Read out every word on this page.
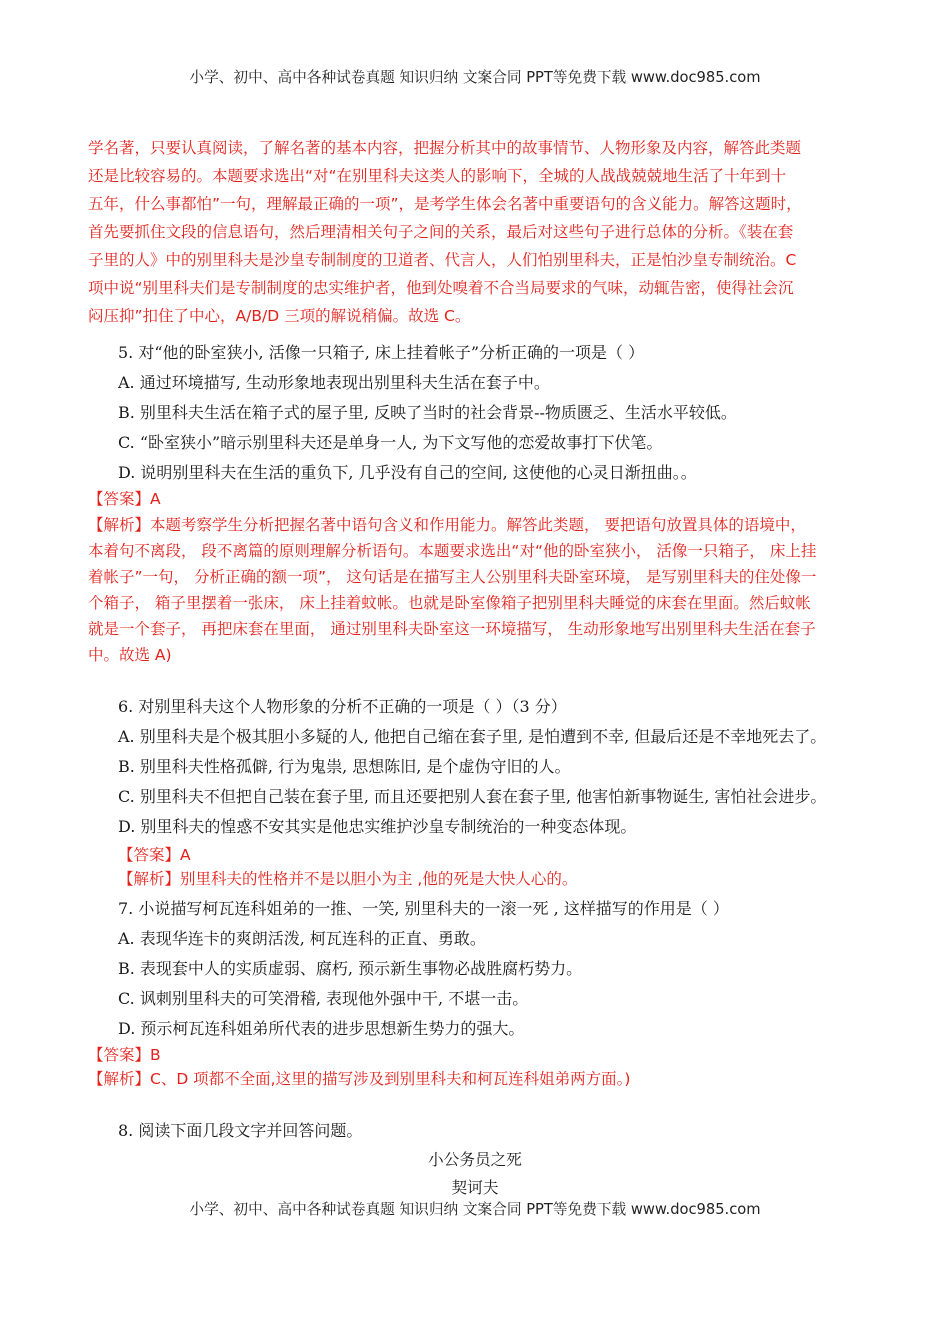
小学、初中、高中各种试卷真题 知识归纳 文案合同 PPT等免费下载 www.doc985.com
学名著，只要认真阅读，了解名著的基本内容，把握分析其中的故事情节、人物形象及内容，解答此类题
还是比较容易的。本题要求选出“对“在别里科夫这类人的影响下，全城的人战战兢兢地生活了十年到十
五年，什么事都怕”一句，理解最正确的一项”，是考学生体会名著中重要语句的含义能力。解答这题时，
首先要抓住文段的信息语句，然后理清相关句子之间的关系，最后对这些句子进行总体的分析。《装在套
子里的人》中的别里科夫是沙皇专制制度的卫道者、代言人，人们怕别里科夫，正是怕沙皇专制统治。C
项中说“别里科夫们是专制制度的忠实维护者，他到处嗅着不合当局要求的气味，动辄告密，使得社会沉
闷压抑”扣住了中心，A/B/D 三项的解说稍偏。故选 C。
5. 对“他的卧室狭小, 活像一只箱子, 床上挂着帐子”分析正确的一项是（ ）
A. 通过环境描写, 生动形象地表现出别里科夫生活在套子中。
B. 别里科夫生活在箱子式的屋子里, 反映了当时的社会背景--物质匮乏、生活水平较低。
C. “卧室狭小”暗示别里科夫还是单身一人, 为下文写他的恋爱故事打下伏笔。
D. 说明别里科夫在生活的重负下, 几乎没有自己的空间, 这使他的心灵日渐扭曲。。
【答案】A
【解析】本题考察学生分析把握名著中语句含义和作用能力。解答此类题， 要把语句放置具体的语境中，
本着句不离段， 段不离篇的原则理解分析语句。本题要求选出“对“他的卧室狭小， 活像一只箱子， 床上挂
着帐子”一句， 分析正确的额一项”， 这句话是在描写主人公别里科夫卧室环境， 是写别里科夫的住处像一
个箱子， 箱子里摆着一张床， 床上挂着蚊帐。也就是卧室像箱子把别里科夫睡觉的床套在里面。然后蚊帐
就是一个套子， 再把床套在里面， 通过别里科夫卧室这一环境描写， 生动形象地写出别里科夫生活在套子
中。故选 A)
6. 对别里科夫这个人物形象的分析不正确的一项是（ ）（3 分）
A. 别里科夫是个极其胆小多疑的人, 他把自己缩在套子里, 是怕遭到不幸, 但最后还是不幸地死去了。
B. 别里科夫性格孤僻, 行为鬼祟, 思想陈旧, 是个虚伪守旧的人。
C. 别里科夫不但把自己装在套子里, 而且还要把别人套在套子里, 他害怕新事物诞生, 害怕社会进步。
D. 别里科夫的惶惑不安其实是他忠实维护沙皇专制统治的一种变态体现。
【答案】A
【解析】别里科夫的性格并不是以胆小为主 ,他的死是大快人心的。
7. 小说描写柯瓦连科姐弟的一推、一笑, 别里科夫的一滚一死 , 这样描写的作用是（ ）
A. 表现华连卡的爽朗活泼, 柯瓦连科的正直、勇敢。
B. 表现套中人的实质虚弱、腐朽, 预示新生事物必战胜腐朽势力。
C. 讽刺别里科夫的可笑滑稽, 表现他外强中干, 不堪一击。
D. 预示柯瓦连科姐弟所代表的进步思想新生势力的强大。
【答案】B
【解析】C、D 项都不全面,这里的描写涉及到别里科夫和柯瓦连科姐弟两方面。)
8. 阅读下面几段文字并回答问题。
小公务员之死
契诃夫
小学、初中、高中各种试卷真题 知识归纳 文案合同 PPT等免费下载 www.doc985.com
